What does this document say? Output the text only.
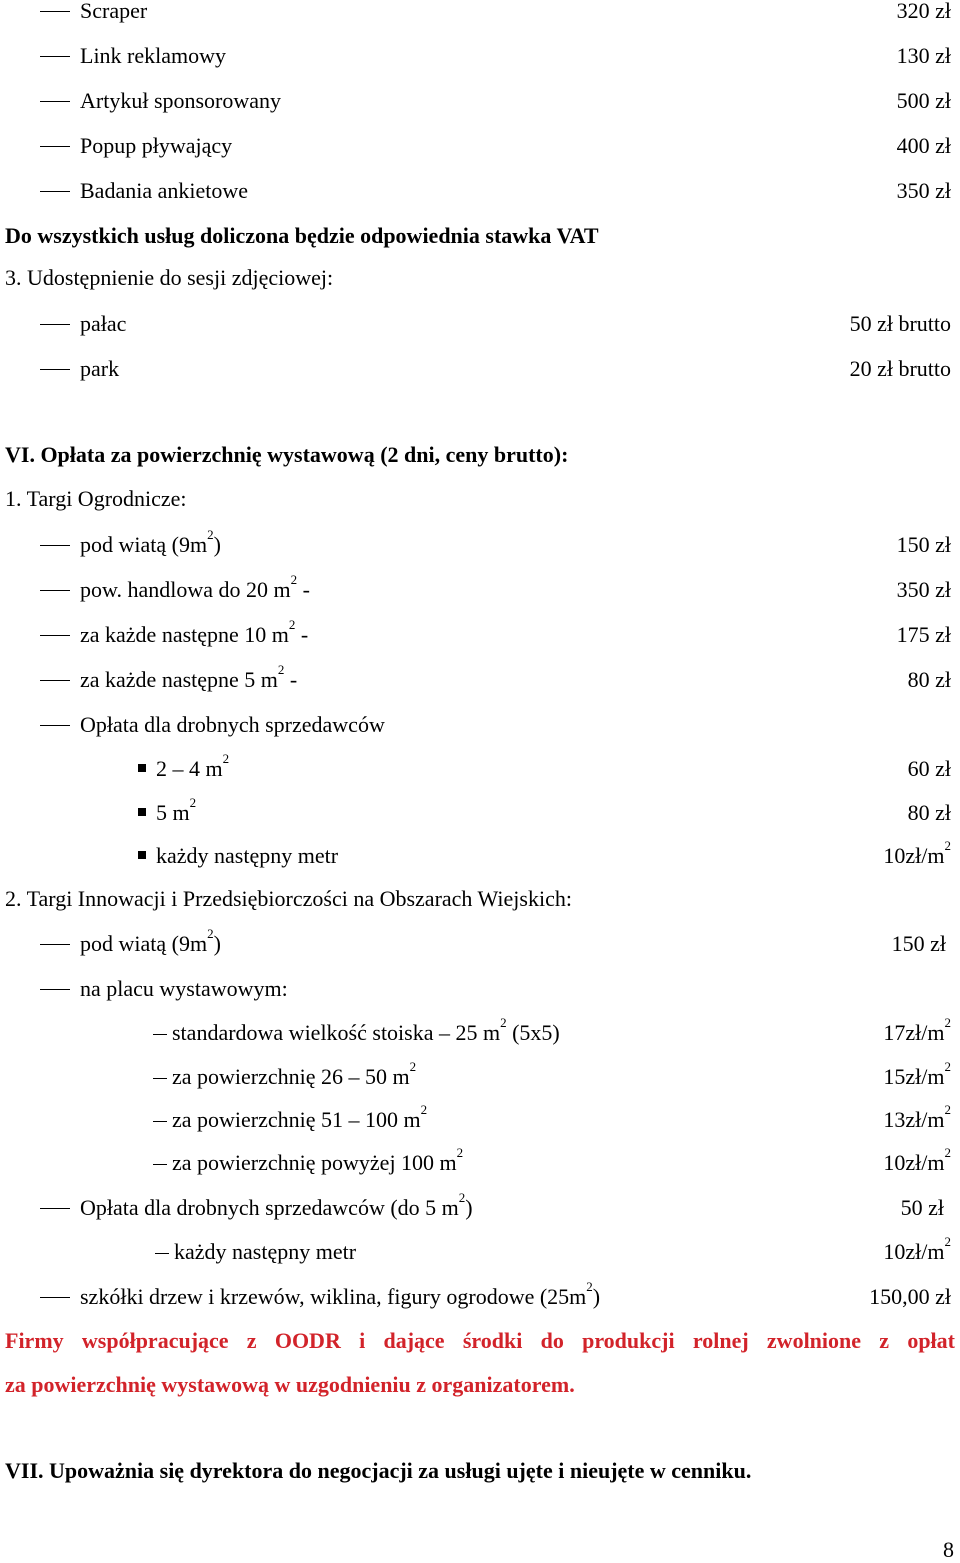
Scraper	320 zł
Link reklamowy	130 zł
Artykuł sponsorowany	500 zł
Popup pływający	400 zł
Badania ankietowe	350 zł
Do wszystkich usług doliczona będzie odpowiednia stawka VAT
3. Udostępnienie do sesji zdjęciowej:
pałac	50 zł brutto
park	20 zł brutto
VI. Opłata za powierzchnię wystawową (2 dni, ceny brutto):
1. Targi Ogrodnicze:
pod wiatą $(9m^2)$	150 zł
pow. handlowa do 20 $m^2$ -	350 zł
za każde następne 10 $m^2$ -	175 zł
za każde następne 5 $m^2$ -	80 zł
Opłata dla drobnych sprzedawców
2 – 4 $m^2$	60 zł
5 $m^2$	80 zł
każdy następny metr	$10zł/m^2$
2. Targi Innowacji i Przedsiębiorczości na Obszarach Wiejskich:
pod wiatą $(9m^2)$	150 zł
na placu wystawowym:
standardowa wielkość stoiska – 25 $m^2$ (5x5)	$17zł/m^2$
za powierzchnię 26 – 50 $m^2$	$15zł/m^2$
za powierzchnię 51 – 100 $m^2$	$13zł/m^2$
za powierzchnię powyżej 100 $m^2$	$10zł/m^2$
Opłata dla drobnych sprzedawców (do 5 $m^2$)	50 zł
każdy następny metr	$10zł/m^2$
szkółki drzew i krzewów, wiklina, figury ogrodowe $(25m^2)$	150,00 zł
Firmy współpracujące z OODR i dające środki do produkcji rolnej zwolnione z opłat
za powierzchnię wystawową w uzgodnieniu z organizatorem.
VII. Upoważnia się dyrektora do negocjacji za usługi ujęte i nieujęte w cenniku.
8
